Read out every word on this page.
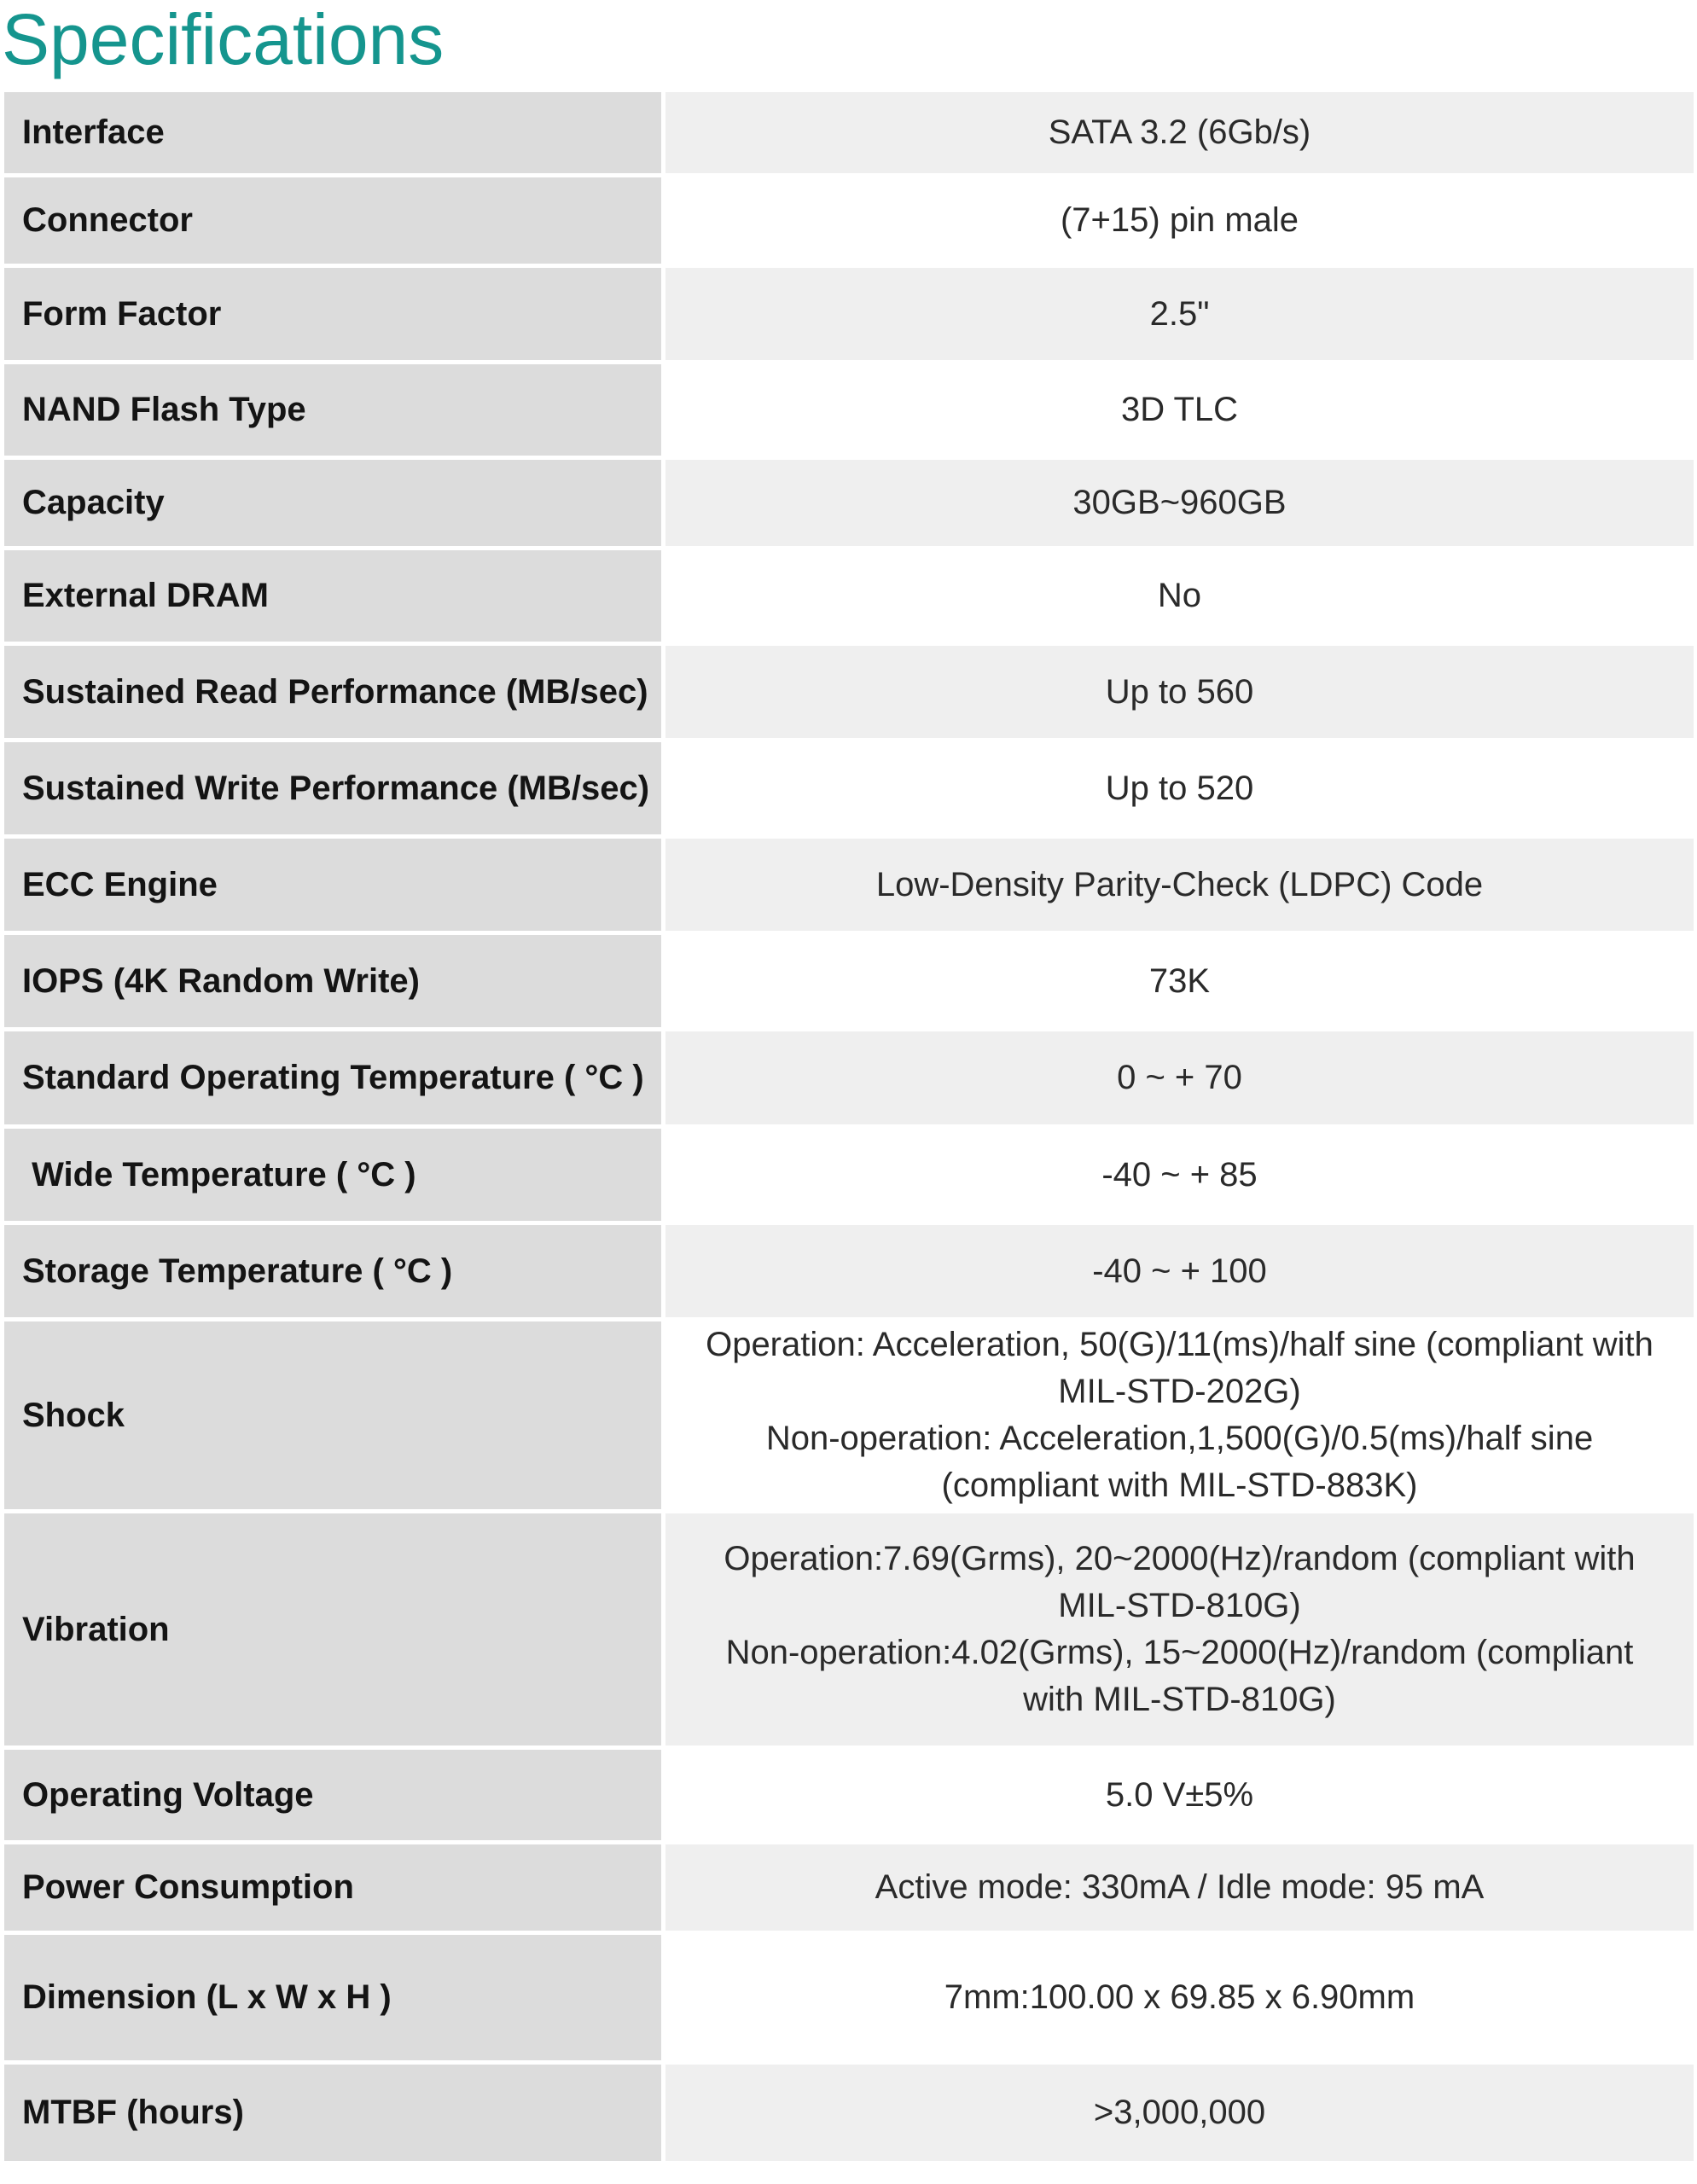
Specifications
Interface	SATA 3.2 (6Gb/s)

Connector	(7+15) pin male

Form Factor	2.5"

NAND Flash Type	3D TLC

Capacity	30GB~960GB

External DRAM	No

Sustained Read Performance (MB/sec)	Up to 560

Sustained Write Performance (MB/sec)	Up to 520

ECC Engine	Low-Density Parity-Check (LDPC) Code

IOPS (4K Random Write)	73K

Standard Operating Temperature ( °C )	0 ~ + 70

Wide Temperature ( °C )	-40 ~ + 85

Storage Temperature ( °C )	-40 ~ + 100

Shock	Operation: Acceleration, 50(G)/11(ms)/half sine (compliant with
MIL-STD-202G)
Non-operation: Acceleration,1,500(G)/0.5(ms)/half sine
(compliant with MIL-STD-883K)

Vibration	Operation:7.69(Grms), 20~2000(Hz)/random (compliant with
MIL-STD-810G)
Non-operation:4.02(Grms), 15~2000(Hz)/random (compliant
with MIL-STD-810G)

Operating Voltage	5.0 V±5%

Power Consumption	Active mode: 330mA / Idle mode: 95 mA

Dimension (L x W x H )	7mm:100.00 x 69.85 x 6.90mm

MTBF (hours)	>3,000,000
